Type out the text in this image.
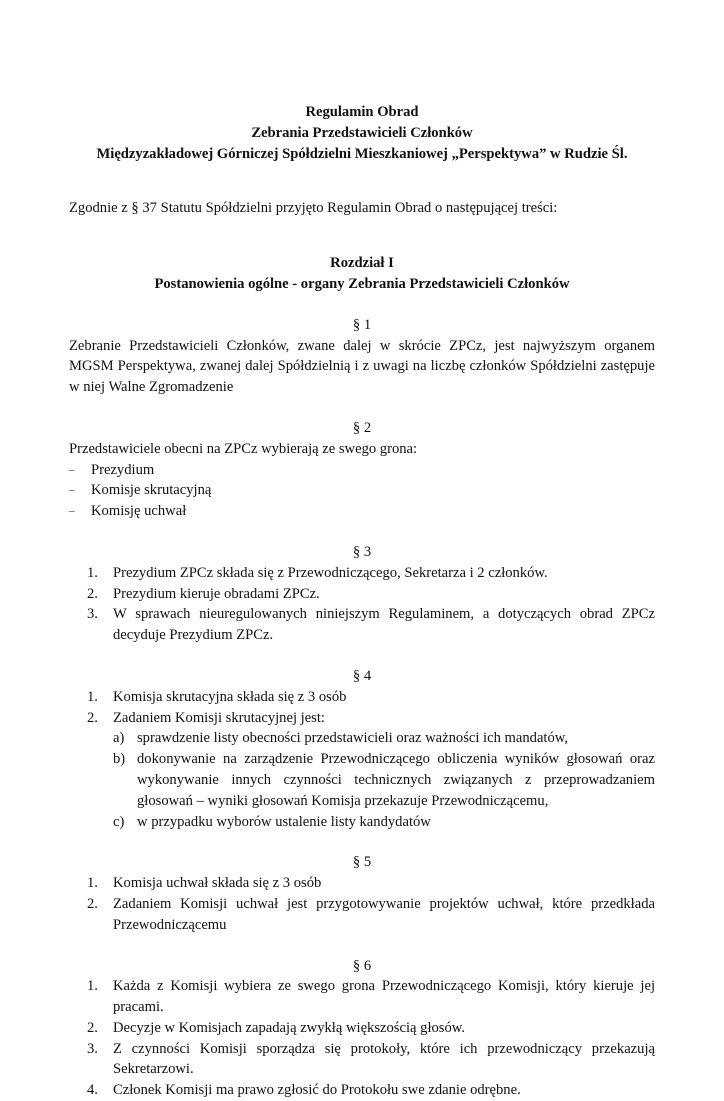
Regulamin Obrad

Zebrania Przedstawicieli Członków

Międzyzakładowej Górniczej Spółdzielni Mieszkaniowej „Perspektywa” w Rudzie Śl.

Zgodnie z § 37 Statutu Spółdzielni przyjęto Regulamin Obrad o następującej treści:

Rozdział I

Postanowienia ogólne - organy Zebrania Przedstawicieli Członków

§ 1

Zebranie Przedstawicieli Członków, zwane dalej w skrócie ZPCz, jest najwyższym organem MGSM Perspektywa, zwanej dalej Spółdzielnią i z uwagi na liczbę członków Spółdzielni zastępuje w niej Walne Zgromadzenie

§ 2

Przedstawiciele obecni na ZPCz wybierają ze swego grona:

– Prezydium
– Komisje skrutacyjną
– Komisję uchwał

§ 3

1. Prezydium ZPCz składa się z Przewodniczącego, Sekretarza i 2 członków.
2. Prezydium kieruje obradami ZPCz.
3. W sprawach nieuregulowanych niniejszym Regulaminem, a dotyczących obrad ZPCz decyduje Prezydium ZPCz.

§ 4

1. Komisja skrutacyjna składa się z 3 osób
2. Zadaniem Komisji skrutacyjnej jest:
a) sprawdzenie listy obecności przedstawicieli oraz ważności ich mandatów,
b) dokonywanie na zarządzenie Przewodniczącego obliczenia wyników głosowań oraz wykonywanie innych czynności technicznych związanych z przeprowadzaniem głosowań – wyniki głosowań Komisja przekazuje Przewodniczącemu,
c) w przypadku wyborów ustalenie listy kandydatów

§ 5

1. Komisja uchwał składa się z 3 osób
2. Zadaniem Komisji uchwał jest przygotowywanie projektów uchwał, które przedkłada Przewodniczącemu

§ 6

1. Każda z Komisji wybiera ze swego grona Przewodniczącego Komisji, który kieruje jej pracami.
2. Decyzje w Komisjach zapadają zwykłą większością głosów.
3. Z czynności Komisji sporządza się protokoły, które ich przewodniczący przekazują Sekretarzowi.
4. Członek Komisji ma prawo zgłosić do Protokołu swe zdanie odrębne.
